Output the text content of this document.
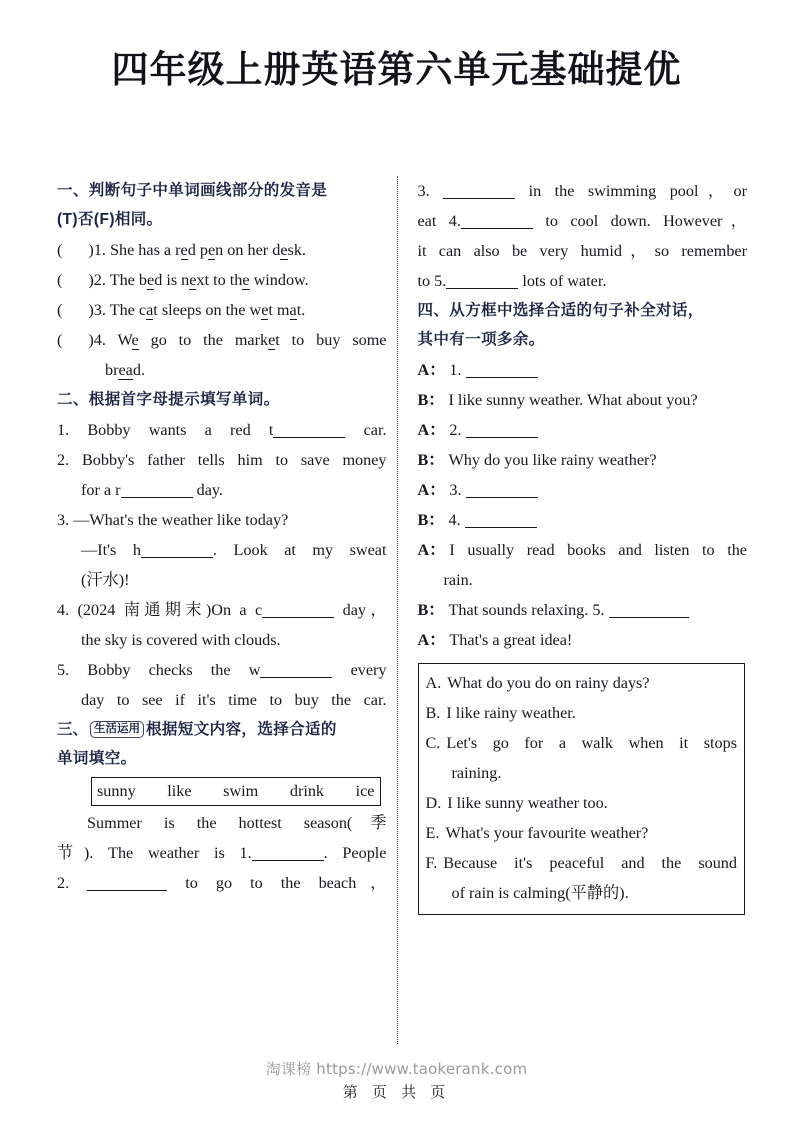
四年级上册英语第六单元基础提优
一、判断句子中单词画线部分的发音是
(T)否(F)相同。
( ) 1. She has a red pen on her desk.
( ) 2. The bed is next to the window.
( ) 3. The cat sleeps on the wet mat.
( ) 4. We go to the market to buy some
bread.
二、根据首字母提示填写单词。
1.	Bobby wants a red t	car.
2. Bobby's father tells him to save money
for a r	day.
3. —What's the weather like today?
—It's h	. Look at my sweat
(汗水)!
4. (2024 南通期末)On a c	day，
the sky is covered with clouds.
5.	Bobby checks the w	every
day to see if it's time to buy the car.
三、 生活运用 根据短文内容，选择合适的
单词填空。
sunny like swim drink ice
Summer is the hottest season(季
节). The weather is 1.	. People
2.	to go to the beach，
3.	in the swimming pool，or
eat 4.	to cool down. However，
it can also be very humid，so remember
to 5.	lots of water.
四、从方框中选择合适的句子补全对话，
其中有一项多余。
A： 1.
B： I like sunny weather. What about you?
A： 2.
B： Why do you like rainy weather?
A： 3.
B： 4.
A： I usually read books and listen to the
rain.
B： That sounds relaxing. 5.
A： That's a great idea!
A. What do you do on rainy days?
B. I like rainy weather.
C. Let's go for a walk when it stops
raining.
D. I like sunny weather too.
E. What's your favourite weather?
F. Because it's peaceful and the sound
of rain is calming(平静的).
淘课榜 https://www.taokerank.com
第 页 共 页
